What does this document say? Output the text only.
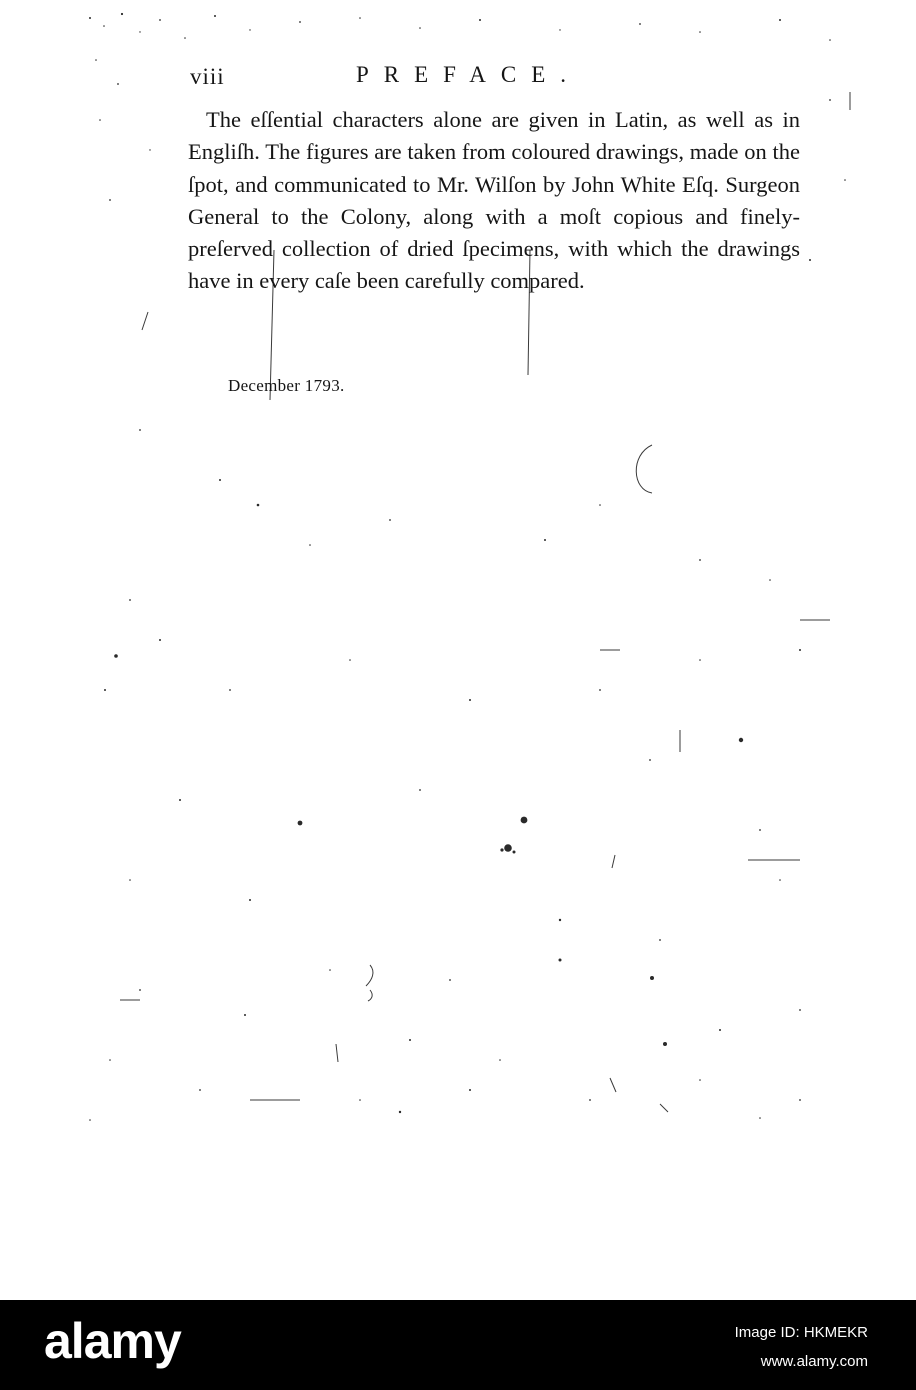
viii	PREFACE.

The eſſential characters alone are given in Latin, as well as in Engliſh. The figures are taken from coloured drawings, made on the ſpot, and communicated to Mr. Wilſon by John White Eſq. Surgeon General to the Colony, along with a moſt copious and finely-preſerved collection of dried ſpecimens, with which the drawings have in every caſe been carefully compared.

December 1793.
alamy	Image ID: HKMEKR
www.alamy.com
